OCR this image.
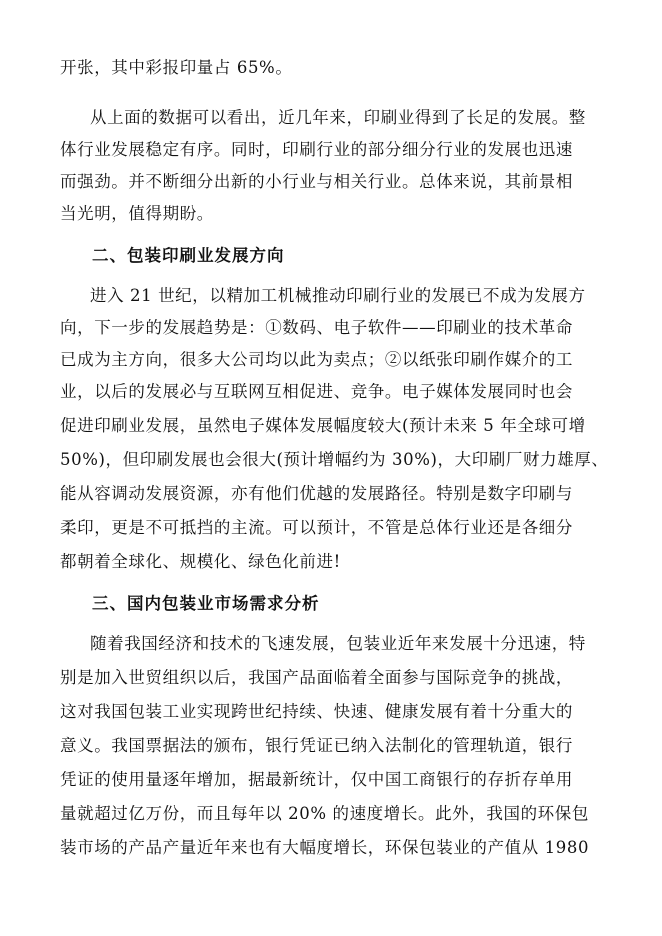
开张，其中彩报印量占 65%。
从上面的数据可以看出，近几年来，印刷业得到了长足的发展。整
体行业发展稳定有序。同时，印刷行业的部分细分行业的发展也迅速
而强劲。并不断细分出新的小行业与相关行业。总体来说，其前景相
当光明，值得期盼。
二、包装印刷业发展方向
进入 21 世纪，以精加工机械推动印刷行业的发展已不成为发展方
向，下一步的发展趋势是：①数码、电子软件——印刷业的技术革命
已成为主方向，很多大公司均以此为卖点；②以纸张印刷作媒介的工
业，以后的发展必与互联网互相促进、竞争。电子媒体发展同时也会
促进印刷业发展，虽然电子媒体发展幅度较大(预计未来 5 年全球可增
50%)，但印刷发展也会很大(预计增幅约为 30%)，大印刷厂财力雄厚、
能从容调动发展资源，亦有他们优越的发展路径。特别是数字印刷与
柔印，更是不可抵挡的主流。可以预计，不管是总体行业还是各细分
都朝着全球化、规模化、绿色化前进!
三、国内包装业市场需求分析
随着我国经济和技术的飞速发展，包装业近年来发展十分迅速，特
别是加入世贸组织以后，我国产品面临着全面参与国际竞争的挑战，
这对我国包装工业实现跨世纪持续、快速、健康发展有着十分重大的
意义。我国票据法的颁布，银行凭证已纳入法制化的管理轨道，银行
凭证的使用量逐年增加，据最新统计，仅中国工商银行的存折存单用
量就超过亿万份，而且每年以 20% 的速度增长。此外，我国的环保包
装市场的产品产量近年来也有大幅度增长，环保包装业的产值从 1980
